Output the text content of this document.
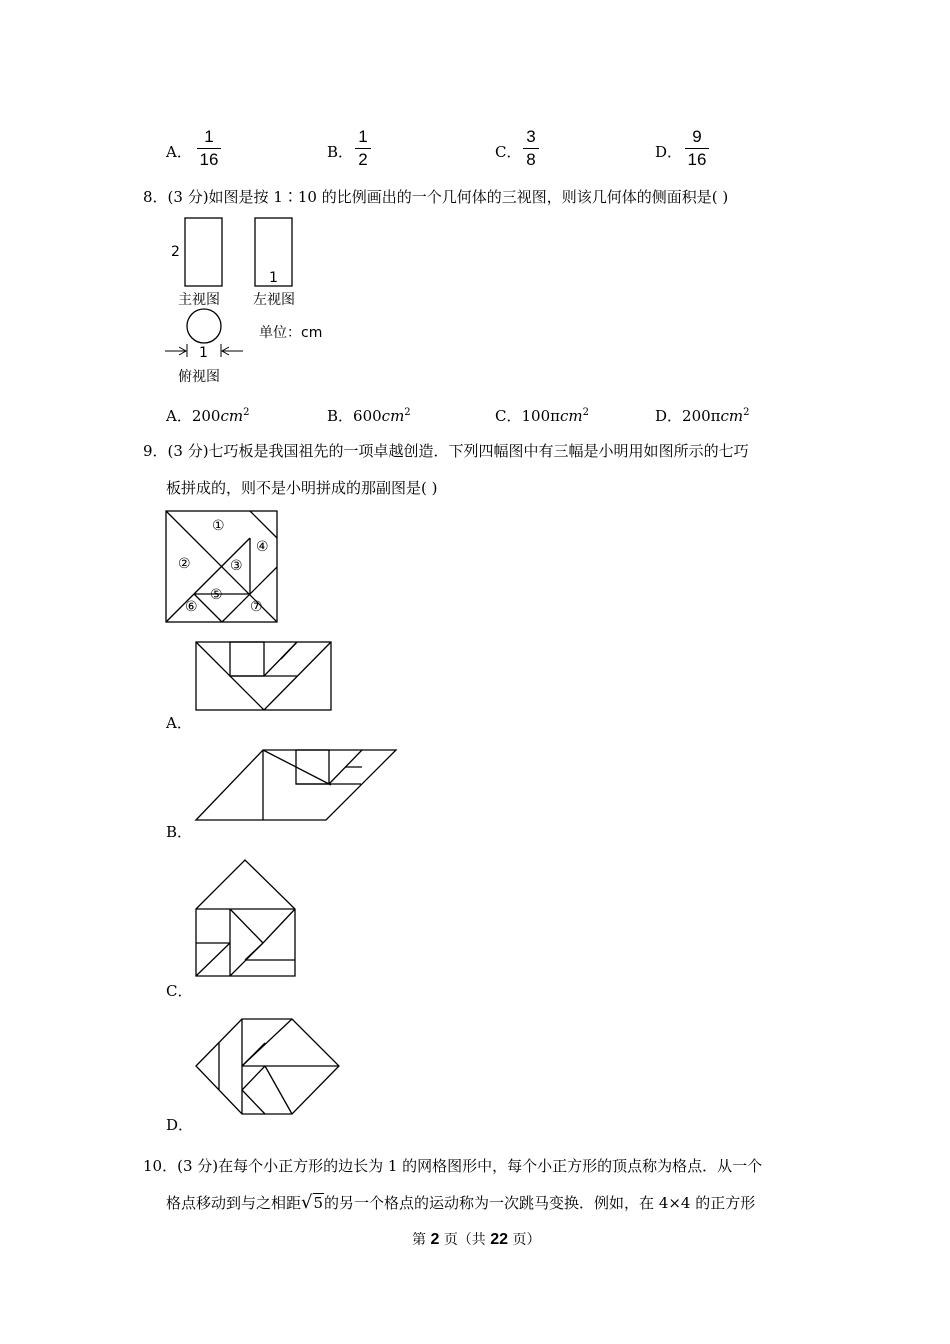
A．
1
16	B．
1
2	C．
3
8	D．
9
16
8．(3 分)如图是按 1∶10 的比例画出的一个几何体的三视图，则该几何体的侧面积是( )
2
主视图
1
左视图
单位：cm
1
俯视图
A．$200cm^2$	B．$600cm^2$	C．100πcm$^2$	D．200πcm$^2$
9．(3 分)七巧板是我国祖先的一项卓越创造．下列四幅图中有三幅是小明用如图所示的七巧
板拼成的，则不是小明拼成的那副图是( )
①
②	③
④
⑤
⑥	⑦
A．
B．
C．
D．
10．(3 分)在每个小正方形的边长为 1 的网格图形中，每个小正方形的顶点称为格点．从一个
格点移动到与之相距√5的另一个格点的运动称为一次跳马变换．例如，在 4×4 的正方形
第 2 页（共 22 页）
